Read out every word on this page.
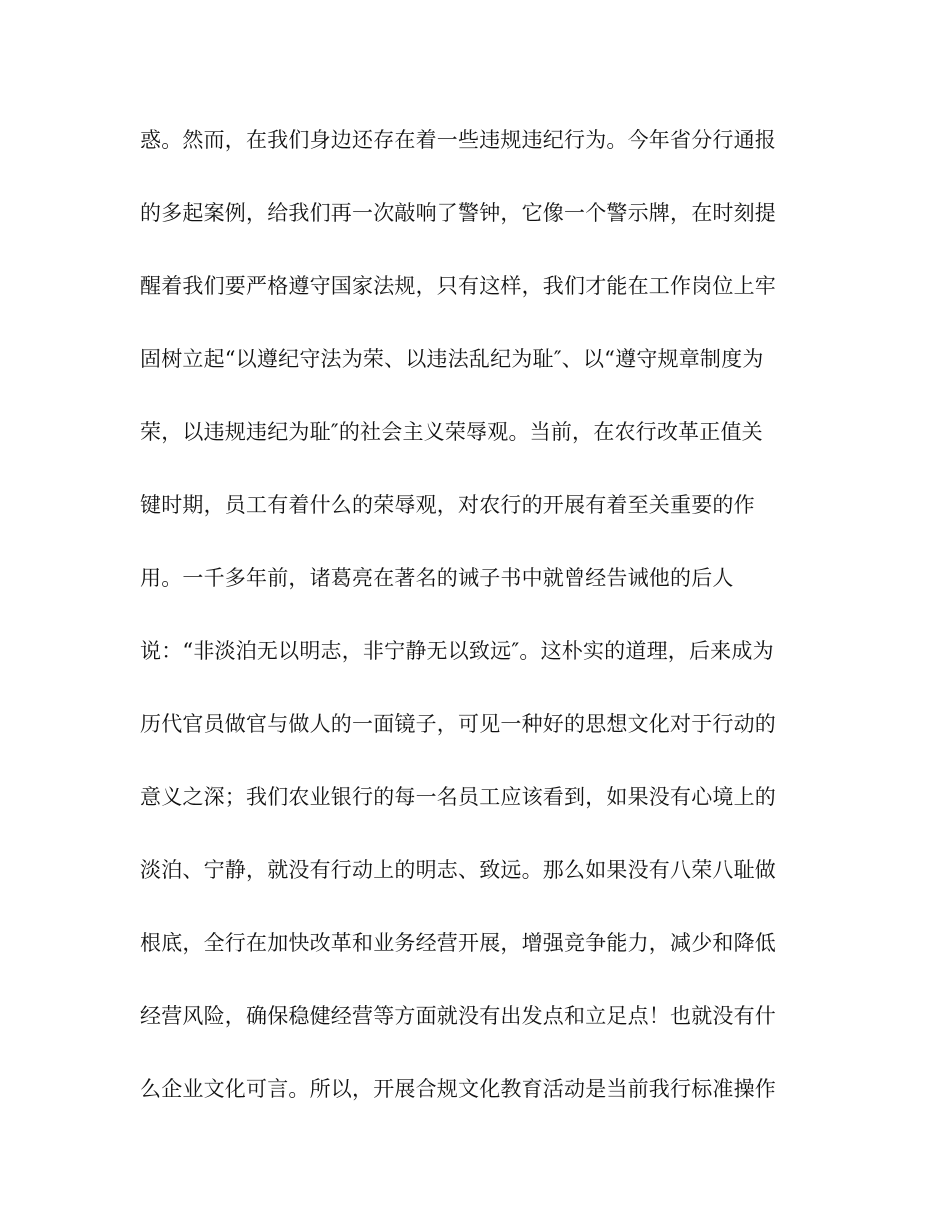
惑。然而，在我们身边还存在着一些违规违纪行为。今年省分行通报
的多起案例，给我们再一次敲响了警钟，它像一个警示牌，在时刻提
醒着我们要严格遵守国家法规，只有这样，我们才能在工作岗位上牢
固树立起“以遵纪守法为荣、以违法乱纪为耻″、以“遵守规章制度为
荣，以违规违纪为耻″的社会主义荣辱观。当前，在农行改革正值关
键时期，员工有着什么的荣辱观，对农行的开展有着至关重要的作
用。一千多年前，诸葛亮在著名的诫子书中就曾经告诫他的后人
说：“非淡泊无以明志，非宁静无以致远″。这朴实的道理，后来成为
历代官员做官与做人的一面镜子，可见一种好的思想文化对于行动的
意义之深；我们农业银行的每一名员工应该看到，如果没有心境上的
淡泊、宁静，就没有行动上的明志、致远。那么如果没有八荣八耻做
根底，全行在加快改革和业务经营开展，增强竞争能力，减少和降低
经营风险，确保稳健经营等方面就没有出发点和立足点！也就没有什
么企业文化可言。所以，开展合规文化教育活动是当前我行标准操作
